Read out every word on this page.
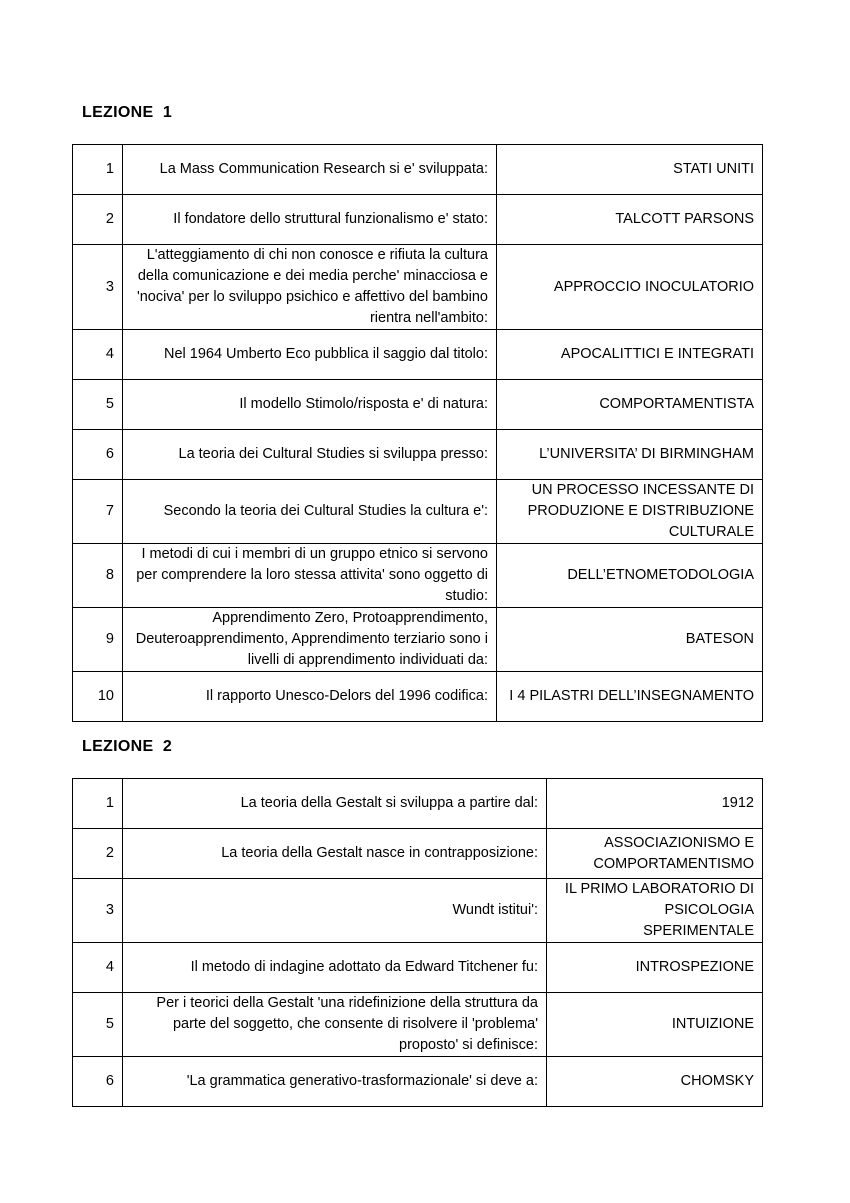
LEZIONE  1
1	La Mass Communication Research si e' sviluppata:	STATI UNITI
2	Il fondatore dello struttural funzionalismo e' stato:	TALCOTT PARSONS
3	L'atteggiamento di chi non conosce e rifiuta la cultura della comunicazione e dei media perche' minacciosa e 'nociva' per lo sviluppo psichico e affettivo del bambino rientra nell'ambito:	APPROCCIO INOCULATORIO
4	Nel 1964 Umberto Eco pubblica il saggio dal titolo:	APOCALITTICI E INTEGRATI
5	Il modello Stimolo/risposta e' di natura:	COMPORTAMENTISTA
6	La teoria dei Cultural Studies si sviluppa presso:	L’UNIVERSITA’ DI BIRMINGHAM
7	Secondo la teoria dei Cultural Studies la cultura e':	UN PROCESSO INCESSANTE DI PRODUZIONE E DISTRIBUZIONE CULTURALE
8	I metodi di cui i membri di un gruppo etnico si servono per comprendere la loro stessa attivita' sono oggetto di studio:	DELL’ETNOMETODOLOGIA
9	Apprendimento Zero, Protoapprendimento, Deuteroapprendimento, Apprendimento terziario sono i livelli di apprendimento individuati da:	BATESON
10	Il rapporto Unesco-Delors del 1996 codifica:	I 4 PILASTRI DELL’INSEGNAMENTO
LEZIONE  2
1	La teoria della Gestalt si sviluppa a partire dal:	1912
2	La teoria della Gestalt nasce in contrapposizione:	ASSOCIAZIONISMO E COMPORTAMENTISMO
3	Wundt istitui':	IL PRIMO LABORATORIO DI PSICOLOGIA SPERIMENTALE
4	Il metodo di indagine adottato da Edward Titchener fu:	INTROSPEZIONE
5	Per i teorici della Gestalt 'una ridefinizione della struttura da parte del soggetto, che consente di risolvere il 'problema' proposto' si definisce:	INTUIZIONE
6	'La grammatica generativo-trasformazionale' si deve a:	CHOMSKY
